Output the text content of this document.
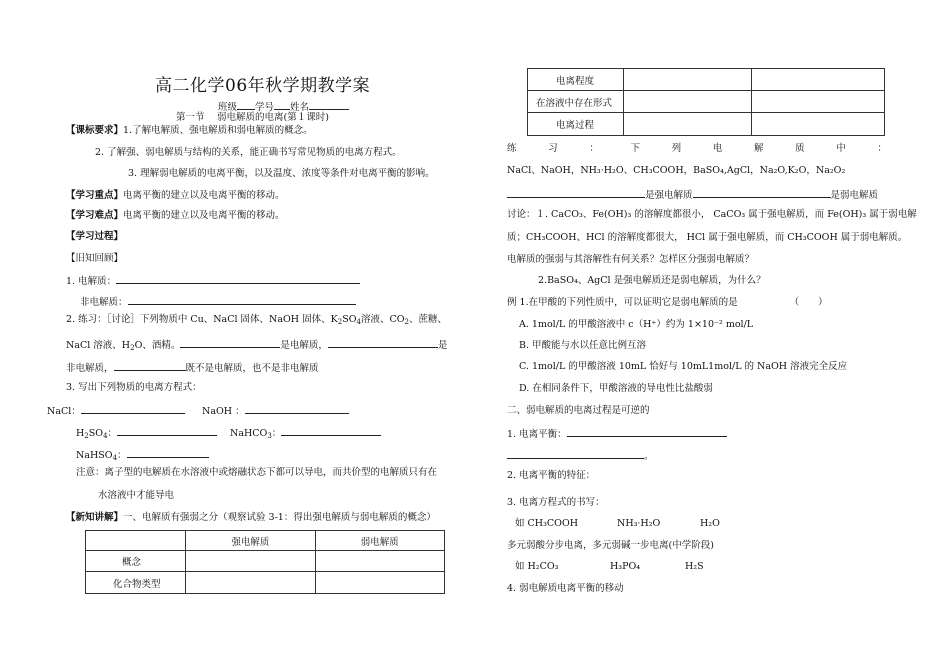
高二化学06年秋学期教学案
班级 学号 姓名
第一节　 弱电解质的电离(第１课时)
【课标要求】1.了解电解质、强电解质和弱电解质的概念。
2. 了解强、弱电解质与结构的关系，能正确书写常见物质的电离方程式。
3. 理解弱电解质的电离平衡，以及温度、浓度等条件对电离平衡的影响。
【学习重点】电离平衡的建立以及电离平衡的移动。
【学习难点】电离平衡的建立以及电离平衡的移动。
【学习过程】
【旧知回顾】
1. 电解质：
非电解质：
2. 练习：［讨论］下列物质中 Cu、NaCl 固体、NaOH 固体、$K_2SO_4$溶液、$CO_2$、蔗糖、
NaCl 溶液、$H_2O$、酒精。	是电解质，	是
非电解质，	既不是电解质，也不是非电解质
3. 写出下列物质的电离方程式：
NaCl：	NaOH ：
$H_2SO_4$：	NaHCO$_3$：
NaHSO$_4$：
注意：离子型的电解质在水溶液中或熔融状态下都可以导电，而共价型的电解质只有在
水溶液中才能导电
【新知讲解】一、电解质有强弱之分（观察试验 3-1：得出强电解质与弱电解质的概念）
	强电解质	弱电解质
概念		
化合物类型		
电离程度		
在溶液中存在形式		
电离过程		
练	习	：	下	列	电	解	质	中	：
NaCl、NaOH，NH₃·H₂O、CH₃COOH，BaSO₄,AgCl，Na₂O,K₂O，Na₂O₂
是强电解质	是弱电解质
讨论：１. CaCO₃、Fe(OH)₃ 的溶解度都很小， CaCO₃ 属于强电解质，而 Fe(OH)₃ 属于弱电解
质；CH₃COOH、HCl 的溶解度都很大， HCl 属于强电解质，而 CH₃COOH 属于弱电解质。
电解质的强弱与其溶解性有何关系？怎样区分强弱电解质？
2.BaSO₄、AgCl 是强电解质还是弱电解质，为什么？
例 1.在甲酸的下列性质中，可以证明它是弱电解质的是	（　　）
A. 1mol/L 的甲酸溶液中 c（H⁺）约为 1×10⁻² mol/L
B. 甲酸能与水以任意比例互溶
C. 1mol/L 的甲酸溶液 10mL 恰好与 10mL1mol/L 的 NaOH 溶液完全反应
D. 在相同条件下，甲酸溶液的导电性比盐酸弱
二、弱电解质的电离过程是可逆的
1. 电离平衡：
。
2. 电离平衡的特征：
3. 电离方程式的书写：
如 CH₃COOH	NH₃·H₂O	H₂O
多元弱酸分步电离，多元弱碱一步电离(中学阶段)
如 H₂CO₃	H₃PO₄	H₂S
4. 弱电解质电离平衡的移动
